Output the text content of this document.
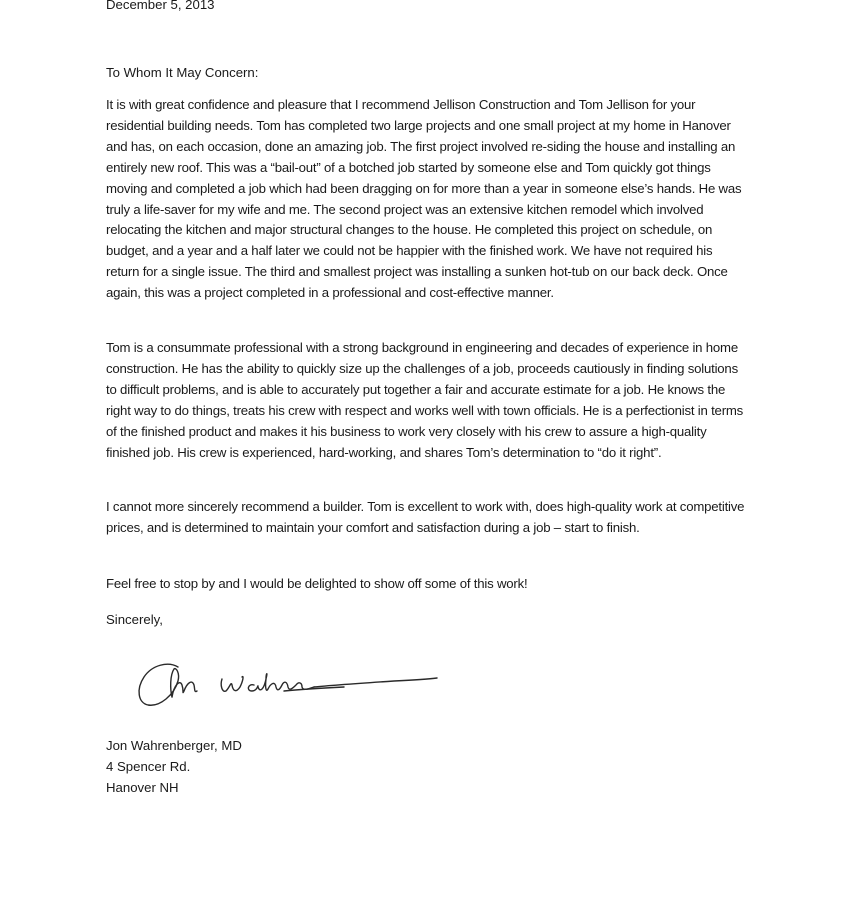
December 5, 2013
To Whom It May Concern:

It is with great confidence and pleasure that I recommend Jellison Construction and Tom Jellison for your residential building needs. Tom has completed two large projects and one small project at my home in Hanover and has, on each occasion, done an amazing job. The first project involved re-siding the house and installing an entirely new roof. This was a “bail-out” of a botched job started by someone else and Tom quickly got things moving and completed a job which had been dragging on for more than a year in someone else’s hands. He was truly a life-saver for my wife and me. The second project was an extensive kitchen remodel which involved relocating the kitchen and major structural changes to the house. He completed this project on schedule, on budget, and a year and a half later we could not be happier with the finished work. We have not required his return for a single issue. The third and smallest project was installing a sunken hot-tub on our back deck. Once again, this was a project completed in a professional and cost-effective manner.

Tom is a consummate professional with a strong background in engineering and decades of experience in home construction. He has the ability to quickly size up the challenges of a job, proceeds cautiously in finding solutions to difficult problems, and is able to accurately put together a fair and accurate estimate for a job. He knows the right way to do things, treats his crew with respect and works well with town officials. He is a perfectionist in terms of the finished product and makes it his business to work very closely with his crew to assure a high-quality finished job. His crew is experienced, hard-working, and shares Tom’s determination to “do it right”.

I cannot more sincerely recommend a builder. Tom is excellent to work with, does high-quality work at competitive prices, and is determined to maintain your comfort and satisfaction during a job – start to finish.

Feel free to stop by and I would be delighted to show off some of this work!

Sincerely,
Jon Wahrenberger, MD
4 Spencer Rd.
Hanover NH
